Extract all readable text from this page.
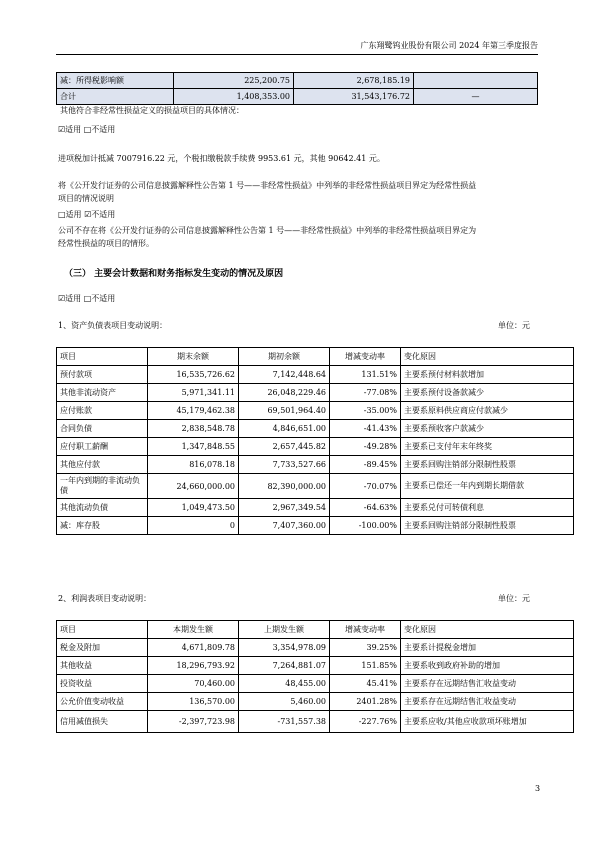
广东翔鹭钨业股份有限公司 2024 年第三季度报告
减：所得税影响额	225,200.75	2,678,185.19	
合计	1,408,353.00	31,543,176.72	—
其他符合非经常性损益定义的损益项目的具体情况：
☑适用 □不适用
进项税加计抵减 7007916.22 元，个税扣缴税款手续费 9953.61 元，其他 90642.41 元。
将《公开发行证券的公司信息披露解释性公告第 1 号——非经常性损益》中列举的非经常性损益项目界定为经常性损益
项目的情况说明
□适用 ☑不适用
公司不存在将《公开发行证券的公司信息披露解释性公告第 1 号——非经常性损益》中列举的非经常性损益项目界定为
经常性损益的项目的情形。
（三） 主要会计数据和财务指标发生变动的情况及原因
☑适用 □不适用
1、资产负债表项目变动说明：	单位：元
项目	期末余额	期初余额	增减变动率	变化原因
预付款项	16,535,726.62	7,142,448.64	131.51%	主要系预付材料款增加
其他非流动资产	5,971,341.11	26,048,229.46	-77.08%	主要系预付设备款减少
应付账款	45,179,462.38	69,501,964.40	-35.00%	主要系原料供应商应付款减少
合同负债	2,838,548.78	4,846,651.00	-41.43%	主要系预收客户款减少
应付职工薪酬	1,347,848.55	2,657,445.82	-49.28%	主要系已支付年末年终奖
其他应付款	816,078.18	7,733,527.66	-89.45%	主要系回购注销部分限制性股票
一年内到期的非流动负债	24,660,000.00	82,390,000.00	-70.07%	主要系已偿还一年内到期长期借款
其他流动负债	1,049,473.50	2,967,349.54	-64.63%	主要系兑付可转债利息
减：库存股	0	7,407,360.00	-100.00%	主要系回购注销部分限制性股票
2、利润表项目变动说明：	单位：元
项目	本期发生额	上期发生额	增减变动率	变化原因
税金及附加	4,671,809.78	3,354,978.09	39.25%	主要系计提税金增加
其他收益	18,296,793.92	7,264,881.07	151.85%	主要系收到政府补助的增加
投资收益	70,460.00	48,455.00	45.41%	主要系存在远期结售汇收益变动
公允价值变动收益	136,570.00	5,460.00	2401.28%	主要系存在远期结售汇收益变动
信用减值损失	-2,397,723.98	-731,557.38	-227.76%	主要系应收/其他应收款项坏账增加
3
